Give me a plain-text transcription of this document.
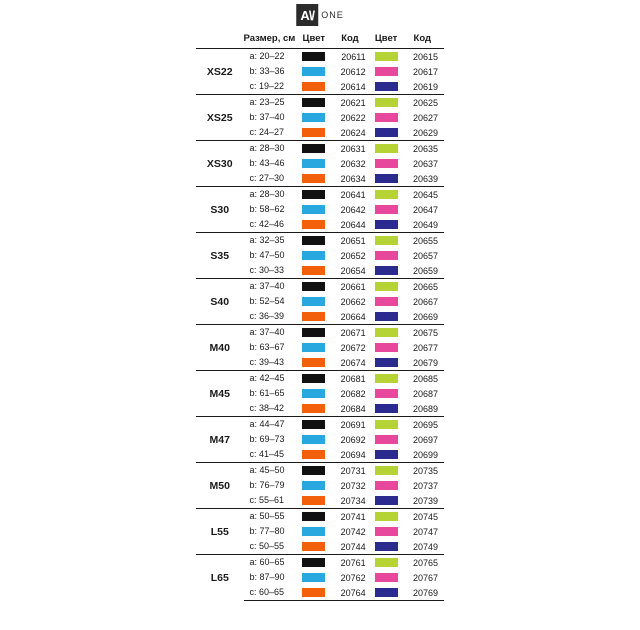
A\/ ONE
Размер, см		Цвет	Код	Цвет	Код
XS22	a: 20–22		20611		20615
	b: 33–36		20612		20617
	c: 19–22		20614		20619
XS25	a: 23–25		20621		20625
	b: 37–40		20622		20627
	c: 24–27		20624		20629
XS30	a: 28–30		20631		20635
	b: 43–46		20632		20637
	c: 27–30		20634		20639
S30	a: 28–30		20641		20645
	b: 58–62		20642		20647
	c: 42–46		20644		20649
S35	a: 32–35		20651		20655
	b: 47–50		20652		20657
	c: 30–33		20654		20659
S40	a: 37–40		20661		20665
	b: 52–54		20662		20667
	c: 36–39		20664		20669
M40	a: 37–40		20671		20675
	b: 63–67		20672		20677
	c: 39–43		20674		20679
M45	a: 42–45		20681		20685
	b: 61–65		20682		20687
	c: 38–42		20684		20689
M47	a: 44–47		20691		20695
	b: 69–73		20692		20697
	c: 41–45		20694		20699
M50	a: 45–50		20731		20735
	b: 76–79		20732		20737
	c: 55–61		20734		20739
L55	a: 50–55		20741		20745
	b: 77–80		20742		20747
	c: 50–55		20744		20749
L65	a: 60–65		20761		20765
	b: 87–90		20762		20767
	c: 60–65		20764		20769
